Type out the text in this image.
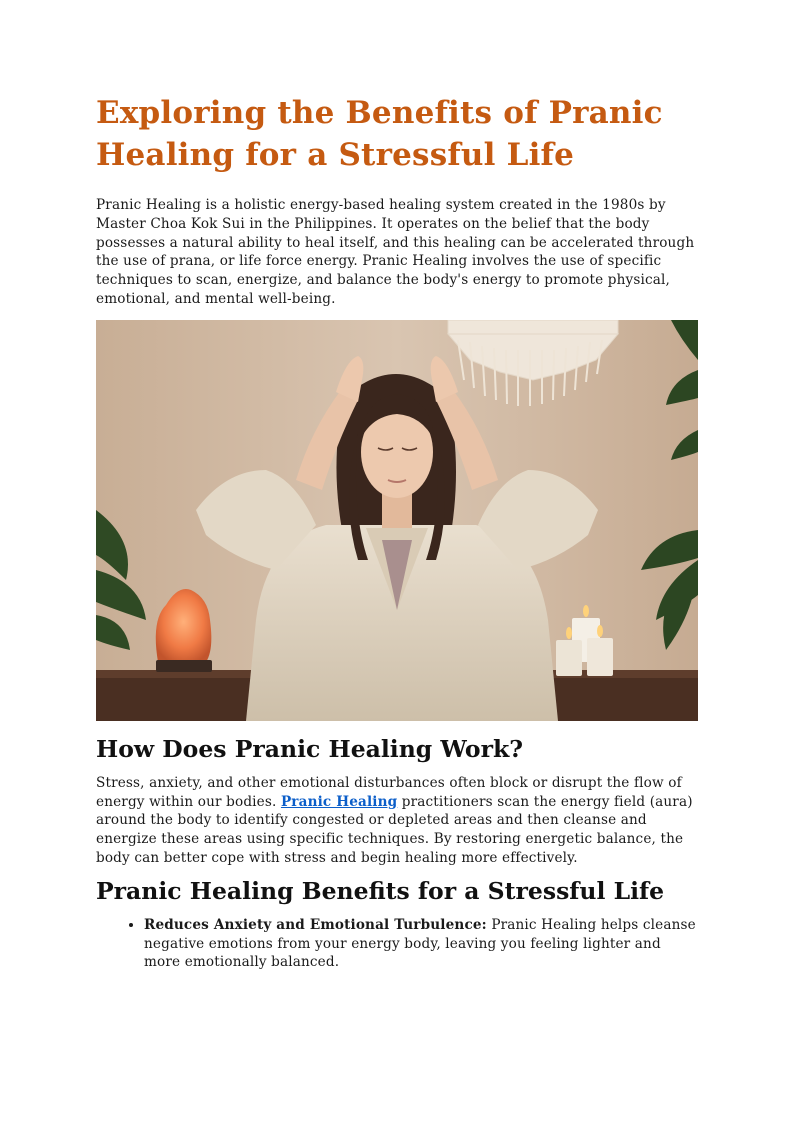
Exploring the Benefits of Pranic Healing for a Stressful Life

Pranic Healing is a holistic energy-based healing system created in the 1980s by Master Choa Kok Sui in the Philippines. It operates on the belief that the body possesses a natural ability to heal itself, and this healing can be accelerated through the use of prana, or life force energy. Pranic Healing involves the use of specific techniques to scan, energize, and balance the body's energy to promote physical, emotional, and mental well-being.

How Does Pranic Healing Work?

Stress, anxiety, and other emotional disturbances often block or disrupt the flow of energy within our bodies. Pranic Healing practitioners scan the energy field (aura) around the body to identify congested or depleted areas and then cleanse and energize these areas using specific techniques. By restoring energetic balance, the body can better cope with stress and begin healing more effectively.

Pranic Healing Benefits for a Stressful Life
• Reduces Anxiety and Emotional Turbulence: Pranic Healing helps cleanse negative emotions from your energy body, leaving you feeling lighter and more emotionally balanced.
